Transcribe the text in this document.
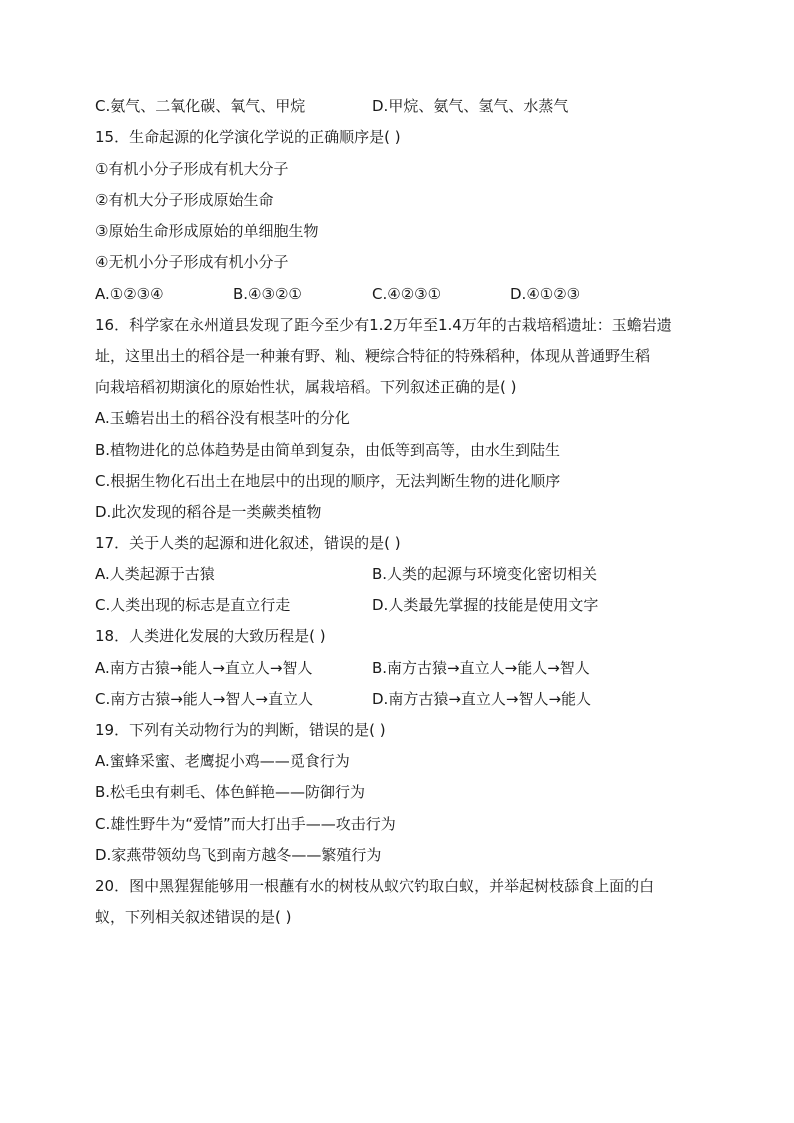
C.氨气、二氧化碳、氧气、甲烷	D.甲烷、氨气、氢气、水蒸气
15．生命起源的化学演化学说的正确顺序是( )
①有机小分子形成有机大分子
②有机大分子形成原始生命
③原始生命形成原始的单细胞生物
④无机小分子形成有机小分子
A.①②③④	B.④③②①	C.④②③①	D.④①②③
16．科学家在永州道县发现了距今至少有1.2万年至1.4万年的古栽培稻遗址：玉蟾岩遗
址，这里出土的稻谷是一种兼有野、籼、粳综合特征的特殊稻种，体现从普通野生稻
向栽培稻初期演化的原始性状，属栽培稻。下列叙述正确的是( )
A.玉蟾岩出土的稻谷没有根茎叶的分化
B.植物进化的总体趋势是由简单到复杂，由低等到高等，由水生到陆生
C.根据生物化石出土在地层中的出现的顺序，无法判断生物的进化顺序
D.此次发现的稻谷是一类蕨类植物
17．关于人类的起源和进化叙述，错误的是( )
A.人类起源于古猿	B.人类的起源与环境变化密切相关
C.人类出现的标志是直立行走	D.人类最先掌握的技能是使用文字
18．人类进化发展的大致历程是( )
A.南方古猿→能人→直立人→智人	B.南方古猿→直立人→能人→智人
C.南方古猿→能人→智人→直立人	D.南方古猿→直立人→智人→能人
19．下列有关动物行为的判断，错误的是( )
A.蜜蜂采蜜、老鹰捉小鸡——觅食行为
B.松毛虫有刺毛、体色鲜艳——防御行为
C.雄性野牛为“爱情”而大打出手——攻击行为
D.家燕带领幼鸟飞到南方越冬——繁殖行为
20．图中黑猩猩能够用一根蘸有水的树枝从蚁穴钓取白蚁，并举起树枝舔食上面的白
蚁，下列相关叙述错误的是( )
